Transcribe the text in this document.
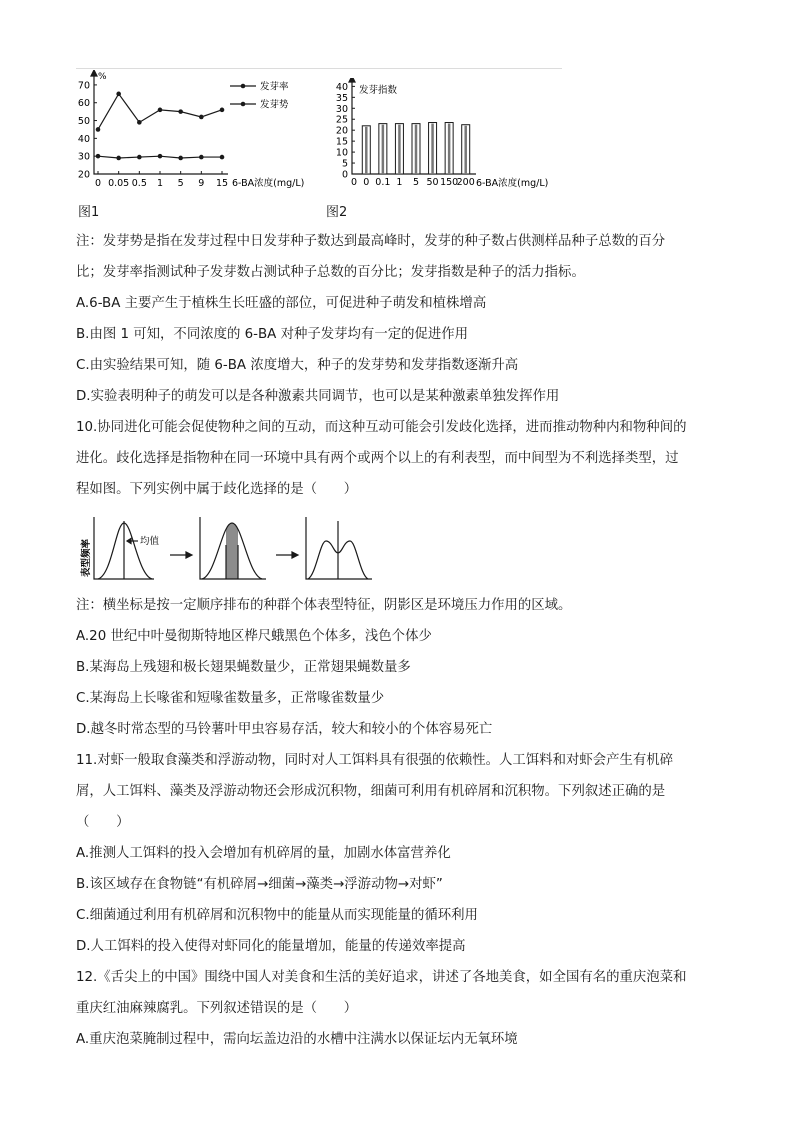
20
30
40
50
60
70
0 0.05 0.5 1 5 9 15
发芽率
发芽势
%
6-BA浓度(mg/L)
图1
0
5
10
15
20
25
30
35
40
0 0.1 1 5 50 150
200
0
发芽指数
6-BA浓度(mg/L)
图2
注：发芽势是指在发芽过程中日发芽种子数达到最高峰时，发芽的种子数占供测样品种子总数的百分
比；发芽率指测试种子发芽数占测试种子总数的百分比；发芽指数是种子的活力指标。
A.6-BA 主要产生于植株生长旺盛的部位，可促进种子萌发和植株增高
B.由图 1 可知，不同浓度的 6-BA 对种子发芽均有一定的促进作用
C.由实验结果可知，随 6-BA 浓度增大，种子的发芽势和发芽指数逐渐升高
D.实验表明种子的萌发可以是各种激素共同调节，也可以是某种激素单独发挥作用
10.协同进化可能会促使物种之间的互动，而这种互动可能会引发歧化选择，进而推动物种内和物种间的
进化。歧化选择是指物种在同一环境中具有两个或两个以上的有利表型，而中间型为不利选择类型，过
程如图。下列实例中属于歧化选择的是（　　）
表型频率	均值
注：横坐标是按一定顺序排布的种群个体表型特征，阴影区是环境压力作用的区域。
A.20 世纪中叶曼彻斯特地区桦尺蛾黑色个体多，浅色个体少
B.某海岛上残翅和极长翅果蝇数量少，正常翅果蝇数量多
C.某海岛上长喙雀和短喙雀数量多，正常喙雀数量少
D.越冬时常态型的马铃薯叶甲虫容易存活，较大和较小的个体容易死亡
11.对虾一般取食藻类和浮游动物，同时对人工饵料具有很强的依赖性。人工饵料和对虾会产生有机碎
屑，人工饵料、藻类及浮游动物还会形成沉积物，细菌可利用有机碎屑和沉积物。下列叙述正确的是
（　　）
A.推测人工饵料的投入会增加有机碎屑的量，加剧水体富营养化
B.该区域存在食物链“有机碎屑→细菌→藻类→浮游动物→对虾”
C.细菌通过利用有机碎屑和沉积物中的能量从而实现能量的循环利用
D.人工饵料的投入使得对虾同化的能量增加，能量的传递效率提高
12.《舌尖上的中国》围绕中国人对美食和生活的美好追求，讲述了各地美食，如全国有名的重庆泡菜和
重庆红油麻辣腐乳。下列叙述错误的是（　　）
A.重庆泡菜腌制过程中，需向坛盖边沿的水槽中注满水以保证坛内无氧环境
